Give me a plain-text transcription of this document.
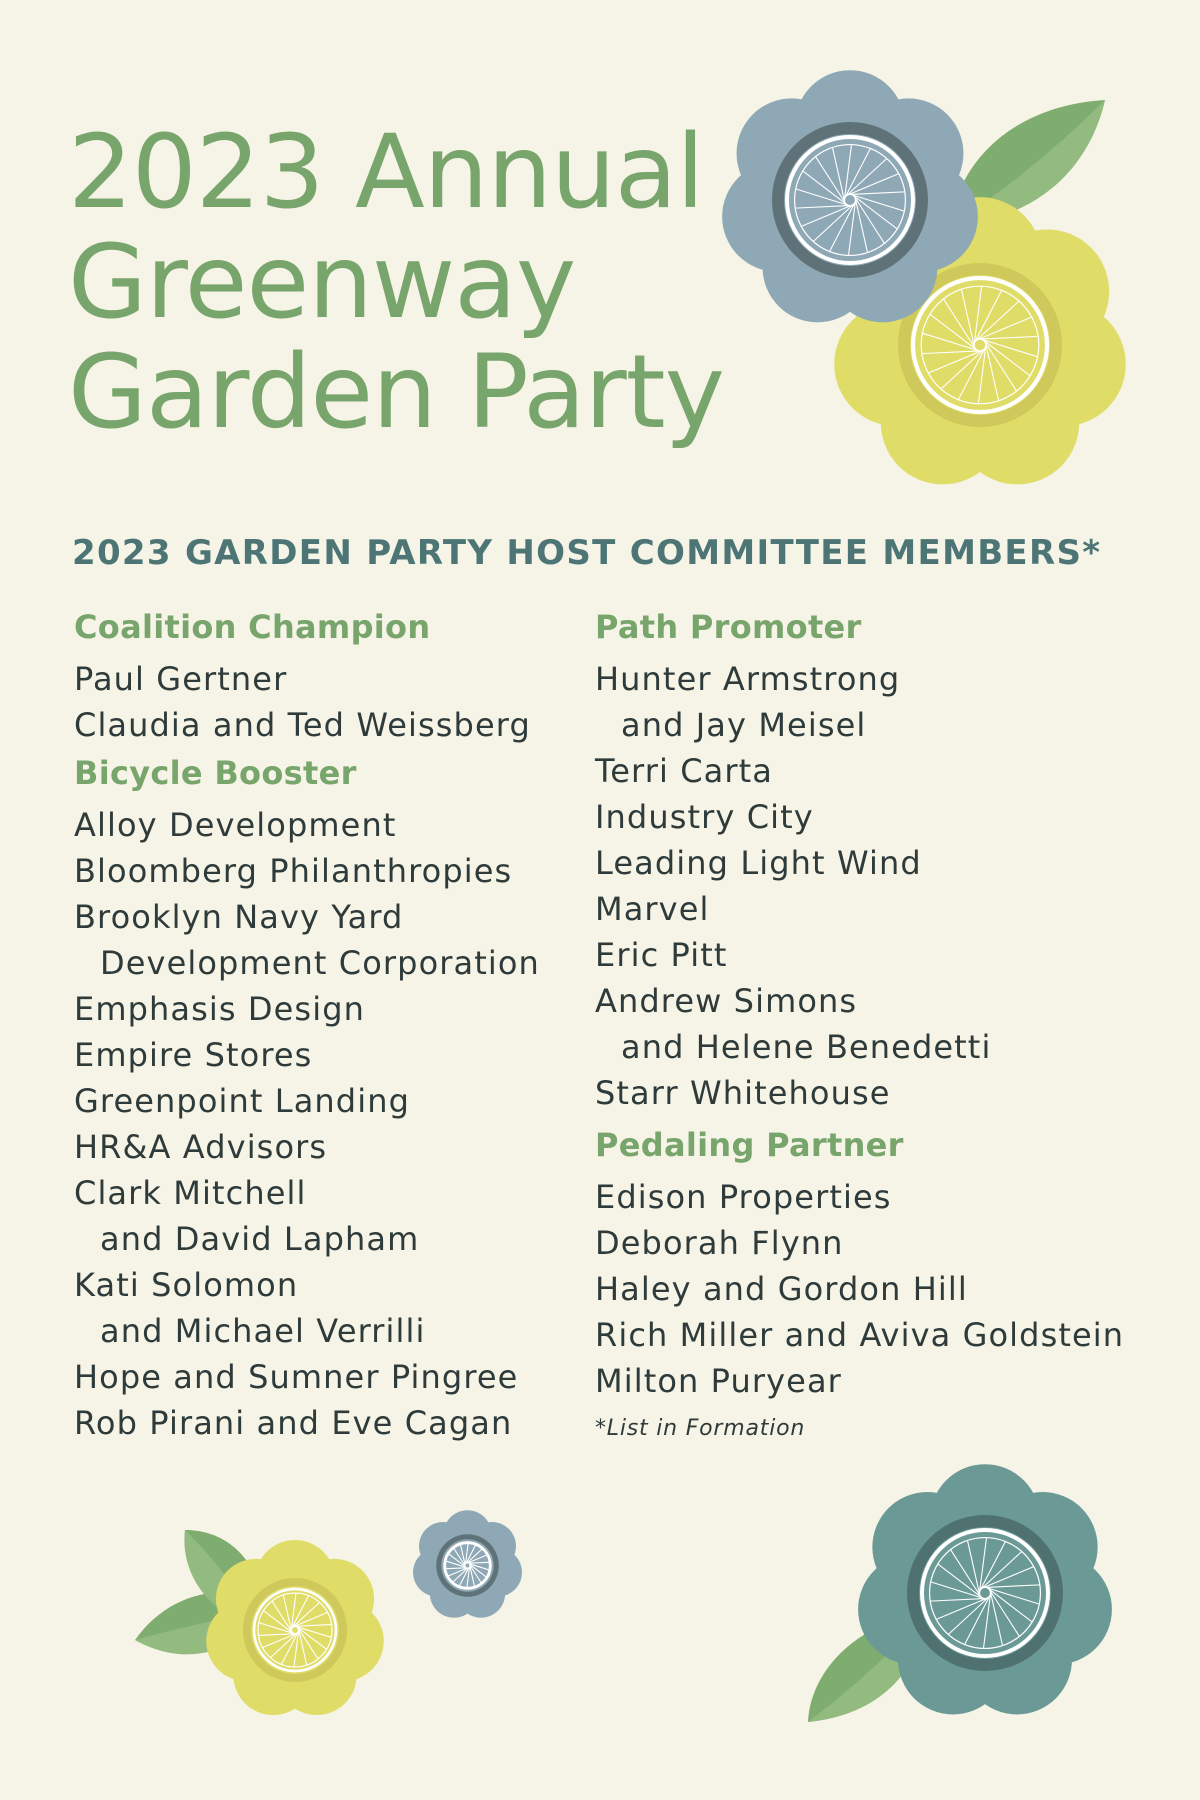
2023 Annual
Greenway
Garden Party
2023 GARDEN PARTY HOST COMMITTEE MEMBERS*
Coalition Champion
Paul Gertner
Claudia and Ted Weissberg
Bicycle Booster
Alloy Development
Bloomberg Philanthropies
Brooklyn Navy Yard
Development Corporation
Emphasis Design
Empire Stores
Greenpoint Landing
HR&A Advisors
Clark Mitchell
and David Lapham
Kati Solomon
and Michael Verrilli
Hope and Sumner Pingree
Rob Pirani and Eve Cagan
Path Promoter
Hunter Armstrong
and Jay Meisel
Terri Carta
Industry City
Leading Light Wind
Marvel
Eric Pitt
Andrew Simons
and Helene Benedetti
Starr Whitehouse
Pedaling Partner
Edison Properties
Deborah Flynn
Haley and Gordon Hill
Rich Miller and Aviva Goldstein
Milton Puryear
*List in Formation
